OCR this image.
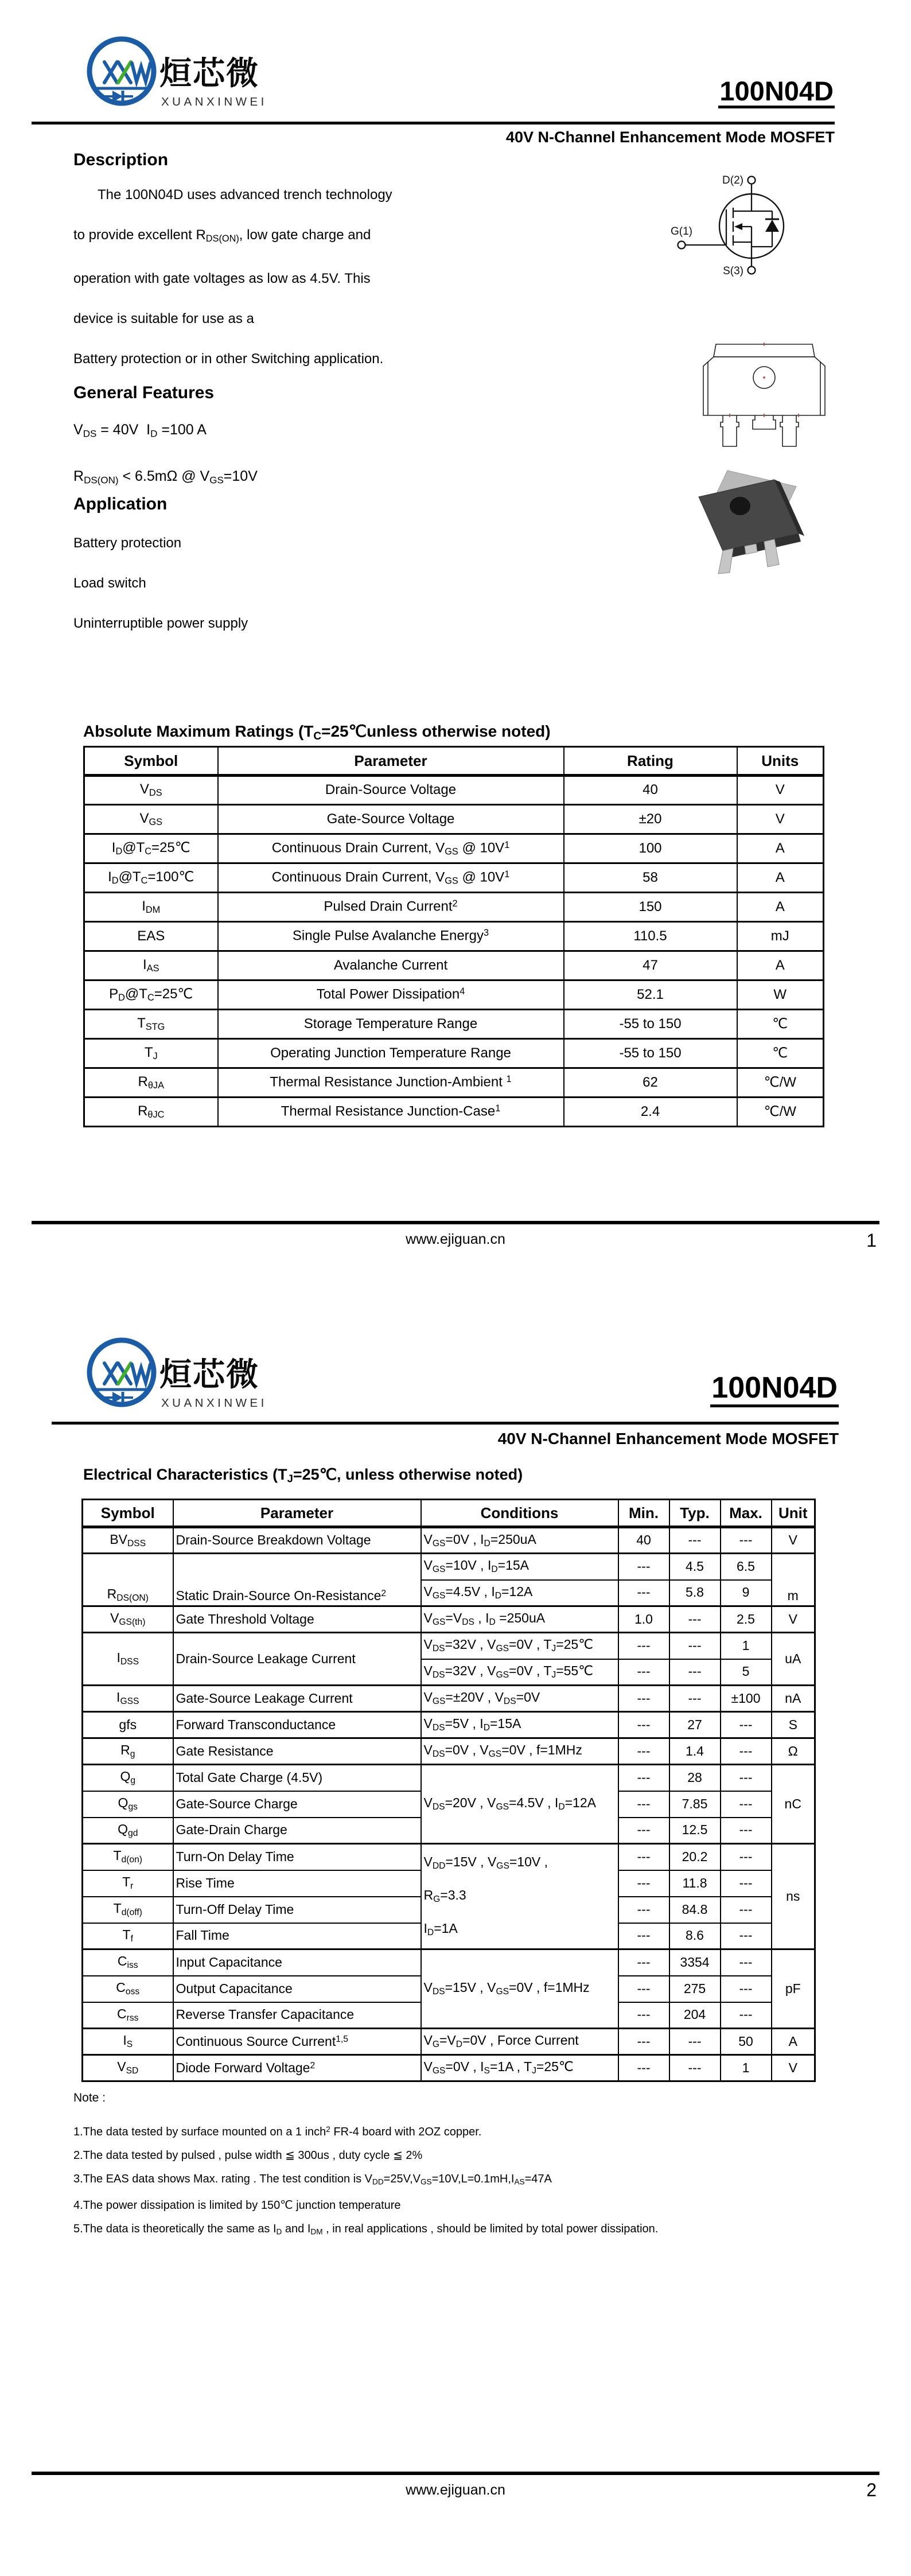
烜芯微
XUANXINWEI	100N04D
40V N-Channel Enhancement Mode MOSFET
Description

The 100N04D uses advanced trench technology

to provide excellent $R_{DS(ON)}$, low gate charge and

operation with gate voltages as low as 4.5V. This

device is suitable for use as a

Battery protection or in other Switching application.

General Features

$V_{DS} = 40V$  $I_D =100$ A

$R_{DS(ON)} < 6.5m\Omega$ @ $V_{GS}=10V$

Application

Battery protection

Load switch

Uninterruptible power supply

D(2)
G(1)
S(3)
Absolute Maximum Ratings ($T_C=25℃unless$ otherwise noted)
Symbol	Parameter	Rating	Units
$V_{DS}$	Drain-Source Voltage	40	V
$V_{GS}$	Gate-Source Voltage	±20	V
$I_D@T_C=25℃$	Continuous Drain Current, $V_{GS}$ @ $10V^1$	100	A
$I_D@T_C=100℃$	Continuous Drain Current, $V_{GS}$ @ $10V^1$	58	A
$I_{DM}$	Pulsed Drain Current$^2$	150	A
EAS	Single Pulse Avalanche Energy$^3$	110.5	mJ
$I_{AS}$	Avalanche Current	47	A
$P_D@T_C=25℃$	Total Power Dissipation$^4$	52.1	W
$T_{STG}$	Storage Temperature Range	-55 to 150	℃
$T_J$	Operating Junction Temperature Range	-55 to 150	℃
$R_{\theta JA}$	Thermal Resistance Junction-Ambient $^1$	62	℃/W
$R_{\theta JC}$	Thermal Resistance Junction-Case$^1$	2.4	℃/W
www.ejiguan.cn	1
烜芯微
XUANXINWEI	100N04D
40V N-Channel Enhancement Mode MOSFET
Electrical Characteristics ($T_J=25℃$, unless otherwise noted)
Symbol	Parameter	Conditions	Min.	Typ.	Max.	Unit
$BV_{DSS}$	Drain-Source Breakdown Voltage	$V_{GS}=0V$ , $I_D=250uA$	40	---	---	V
$R_{DS(ON)}$	Static Drain-Source On-Resistance$^2$	$V_{GS}=10V$ , $I_D=15A$	---	4.5	6.5	m
		$V_{GS}=4.5V$ , $I_D=12A$	---	5.8	9	
$V_{GS(th)}$	Gate Threshold Voltage	$V_{GS}=V_{DS}$ , $I_D =250uA$	1.0	---	2.5	V
$I_{DSS}$	Drain-Source Leakage Current	$V_{DS}=32V$ , $V_{GS}=0V$ , $T_J=25℃$	---	---	1	uA
		$V_{DS}=32V$ , $V_{GS}=0V$ , $T_J=55℃$	---	---	5	
$I_{GSS}$	Gate-Source Leakage Current	$V_{GS}=\pm 20V$ , $V_{DS}=0V$	---	---	±100	nA
gfs	Forward Transconductance	$V_{DS}=5V$ , $I_D=15A$	---	27	---	S
$R_g$	Gate Resistance	$V_{DS}=0V$ , $V_{GS}=0V$ , f=1MHz	---	1.4	---	Ω
$Q_g$	Total Gate Charge (4.5V)	$V_{DS}=20V$ , $V_{GS}=4.5V$ , $I_D=12A$	---	28	---	nC
$Q_{gs}$	Gate-Source Charge		---	7.85	---	
$Q_{gd}$	Gate-Drain Charge		---	12.5	---	
$T_{d(on)}$	Turn-On Delay Time	$V_{DD}=15V$ , $V_{GS}=10V$ ,

$R_G=3.3$

$I_D=1A$	---	20.2	---	ns
$T_r$	Rise Time		---	11.8	---	
$T_{d(off)}$	Turn-Off Delay Time		---	84.8	---	
$T_f$	Fall Time		---	8.6	---	
$C_{iss}$	Input Capacitance	$V_{DS}=15V$ , $V_{GS}=0V$ , f=1MHz	---	3354	---	pF
$C_{oss}$	Output Capacitance		---	275	---	
$C_{rss}$	Reverse Transfer Capacitance		---	204	---	
$I_S$	Continuous Source Current$^{1,5}$	$V_G=V_D=0V$ , Force Current	---	---	50	A
$V_{SD}$	Diode Forward Voltage$^2$	$V_{GS}=0V$ , $I_S=1A$ , $T_J=25℃$	---	---	1	V

Note :

1.The data tested by surface mounted on a 1 inch$^2$ FR-4 board with 2OZ copper.

2.The data tested by pulsed , pulse width ≦ 300us , duty cycle ≦ 2%

3.The EAS data shows Max. rating . The test condition is $V_{DD}=25V,V_{GS}=10V,L=0.1mH,I_{AS}=47A$

4.The power dissipation is limited by 150℃ junction temperature

5.The data is theoretically the same as $I_D$ and $I_{DM}$ , in real applications , should be limited by total power dissipation.

www.ejiguan.cn	2
